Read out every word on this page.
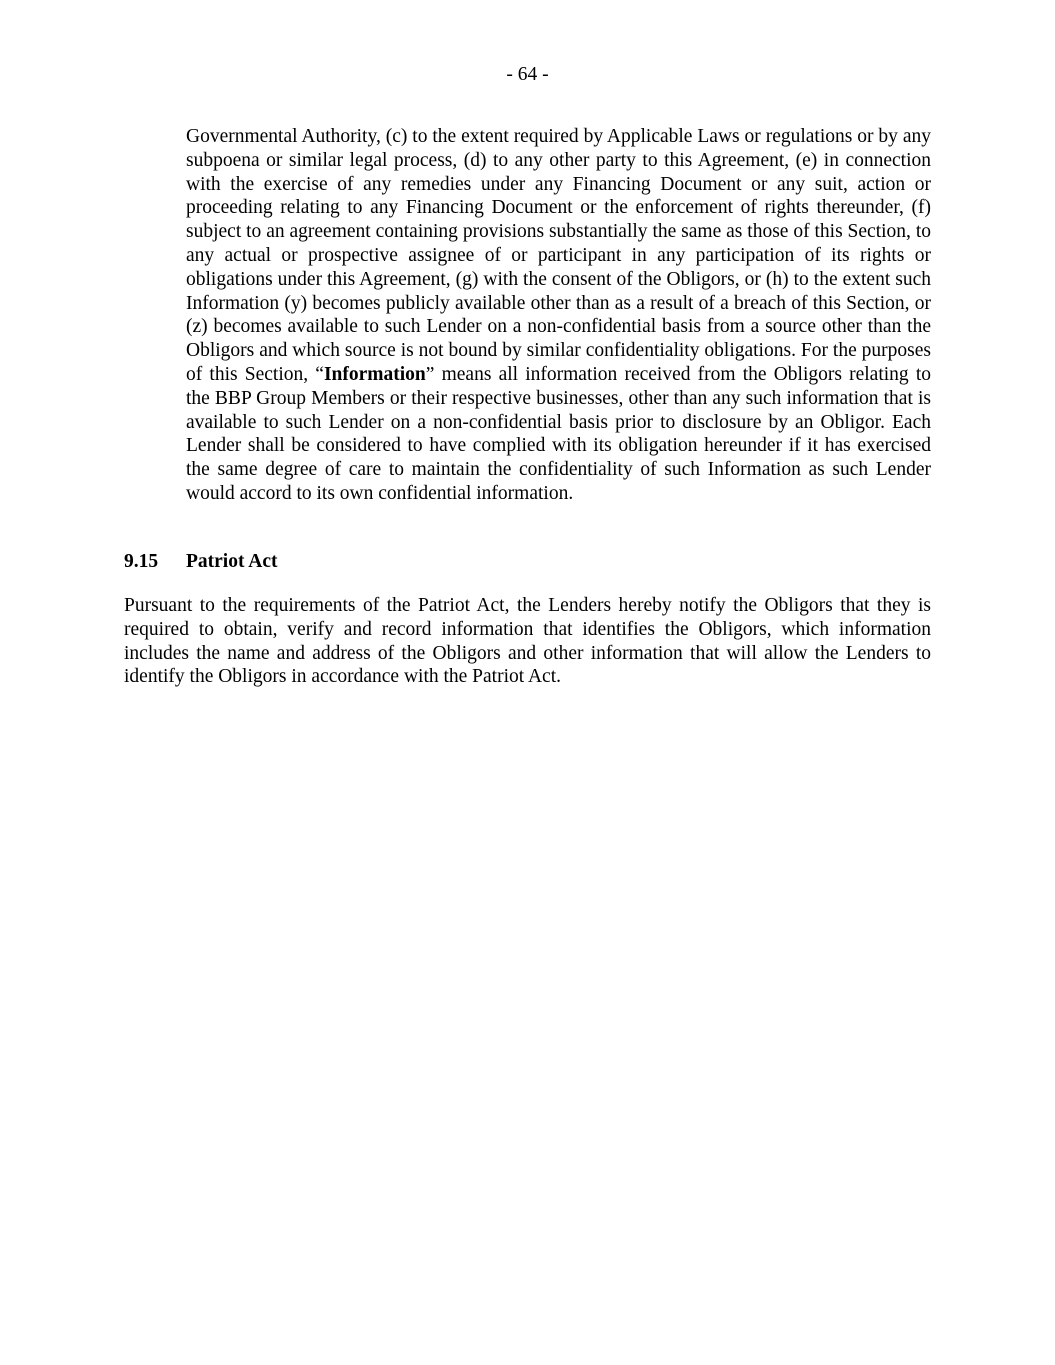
- 64 -
Governmental Authority, (c) to the extent required by Applicable Laws or regulations or by any subpoena or similar legal process, (d) to any other party to this Agreement, (e) in connection with the exercise of any remedies under any Financing Document or any suit, action or proceeding relating to any Financing Document or the enforcement of rights thereunder, (f) subject to an agreement containing provisions substantially the same as those of this Section, to any actual or prospective assignee of or participant in any participation of its rights or obligations under this Agreement, (g) with the consent of the Obligors, or (h) to the extent such Information (y) becomes publicly available other than as a result of a breach of this Section, or (z) becomes available to such Lender on a non-confidential basis from a source other than the Obligors and which source is not bound by similar confidentiality obligations. For the purposes of this Section, “Information” means all information received from the Obligors relating to the BBP Group Members or their respective businesses, other than any such information that is available to such Lender on a non-confidential basis prior to disclosure by an Obligor. Each Lender shall be considered to have complied with its obligation hereunder if it has exercised the same degree of care to maintain the confidentiality of such Information as such Lender would accord to its own confidential information.
9.15 Patriot Act
Pursuant to the requirements of the Patriot Act, the Lenders hereby notify the Obligors that they is required to obtain, verify and record information that identifies the Obligors, which information includes the name and address of the Obligors and other information that will allow the Lenders to identify the Obligors in accordance with the Patriot Act.
